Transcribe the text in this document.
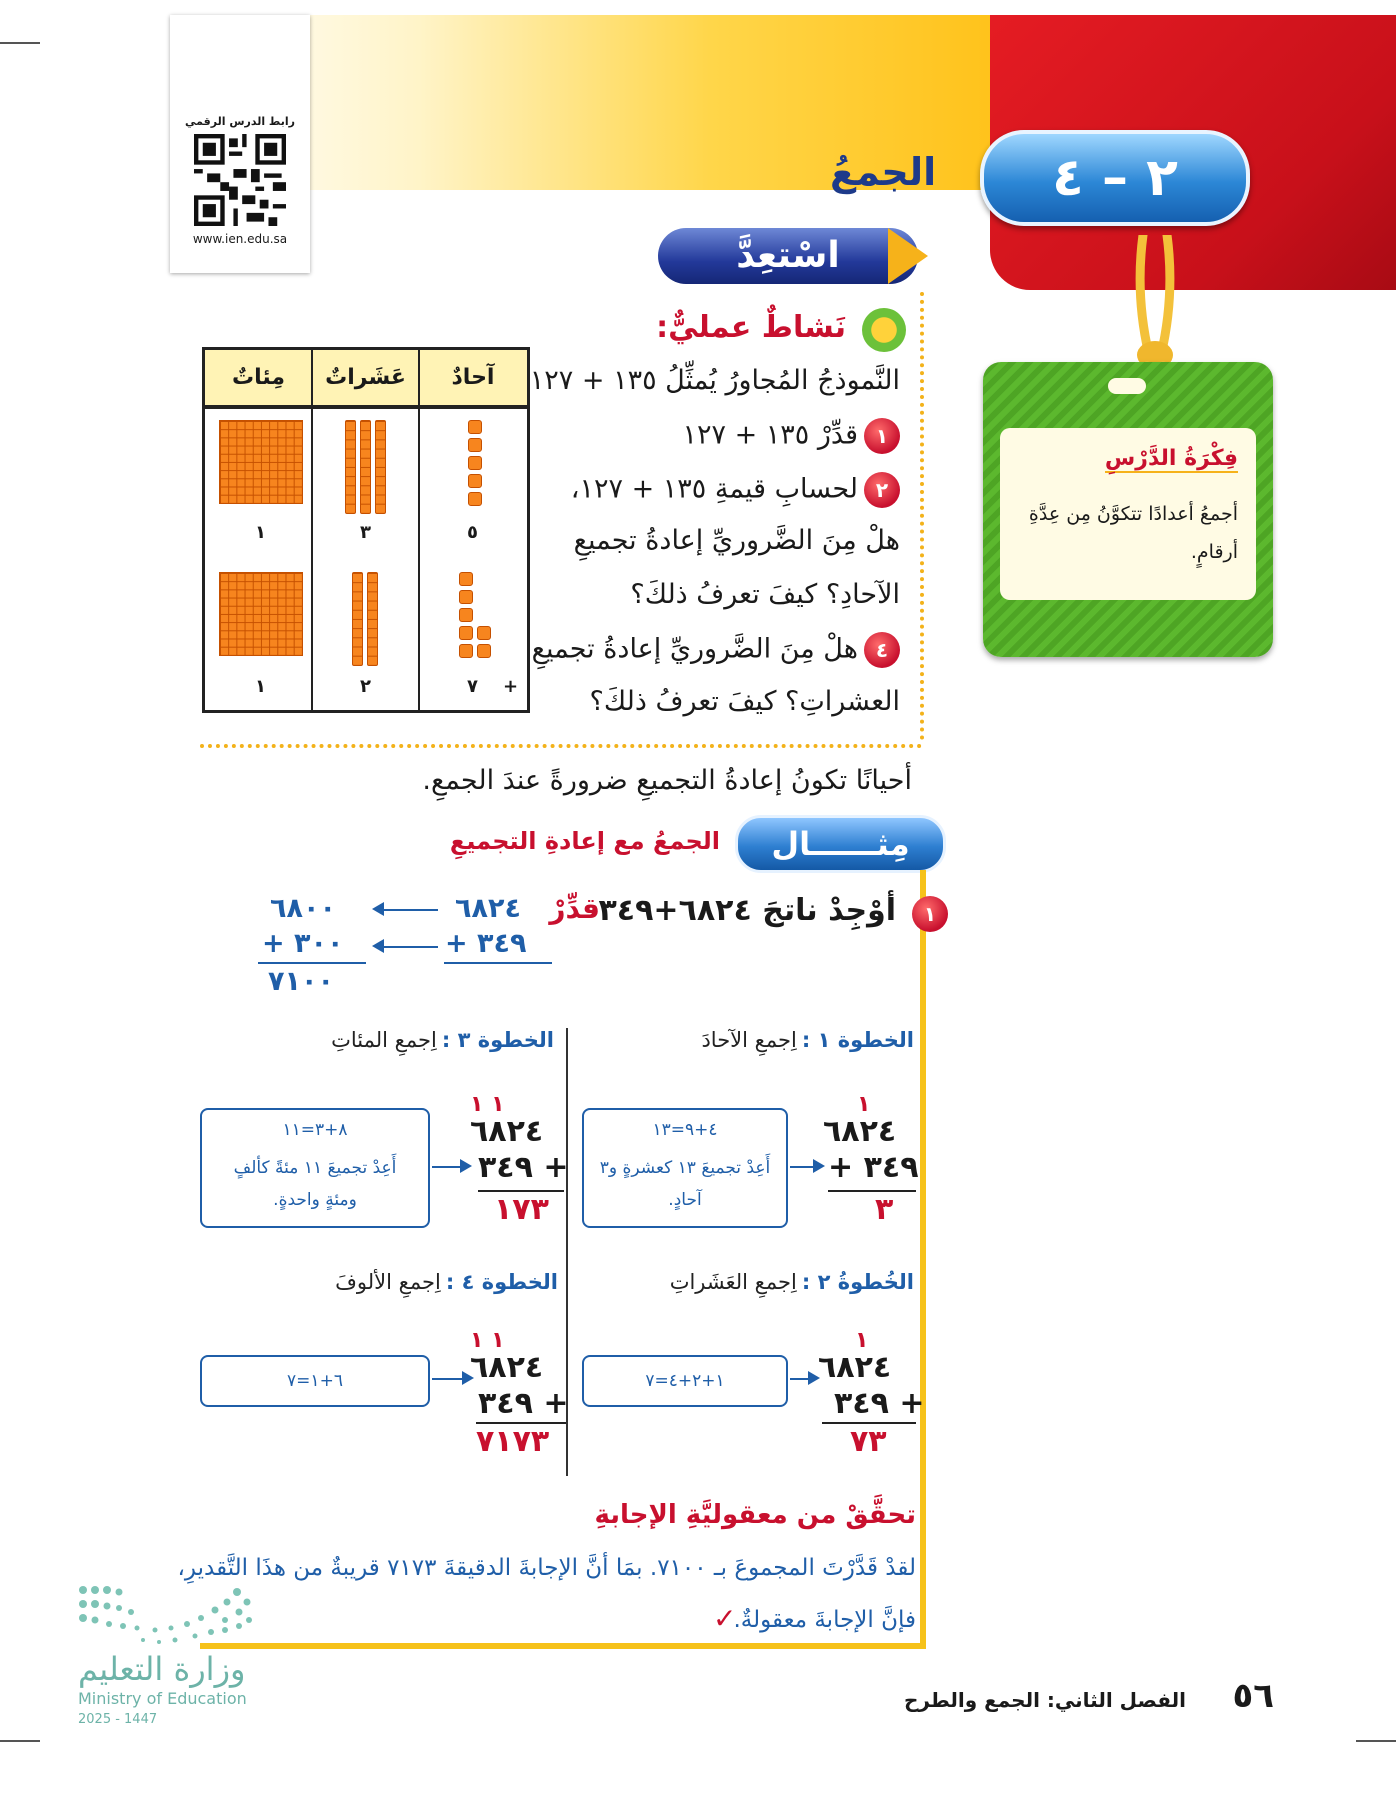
رابط الدرس الرقمي
www.ien.edu.sa
٢ – ٤
الجمعُ
اسْتعِدَّ
فِكْرَةُ الدَّرْسِ
أجمعُ أعدادًا تتكوَّنُ مِن عِدَّةِ أرقامٍ.
نَشاطٌ عمليٌّ:
النَّموذجُ المُجاورُ يُمثِّلُ ١٣٥ + ١٢٧
١قدِّرْ ١٣٥ + ١٢٧
٢لحسابِ قيمةِ ١٣٥ + ١٢٧،
هلْ مِنَ الضَّروريِّ إعادةُ تجميعِ
الآحادِ؟ كيفَ تعرفُ ذلكَ؟
٤هلْ مِنَ الضَّروريِّ إعادةُ تجميعِ
العشراتِ؟ كيفَ تعرفُ ذلكَ؟
مِئاتٌ	عَشَراتٌ	آحادٌ
١	٣	٥
١	٢	٧ +
أحيانًا تكونُ إعادةُ التجميعِ ضرورةً عندَ الجمعِ.
مِثــــــال
الجمعُ مع إعادةِ التجميعِ
١
أوْجِدْ ناتجَ ٦٨٢٤+٣٤٩
قدِّرْ
٦٨٢٤
+ ٣٤٩
٦٨٠٠
+ ٣٠٠
٧١٠٠
الخطوة ١ : اِجمعِ الآحادَ
١
٦٨٢٤
+ ٣٤٩
٣
٤+٩=١٣
أَعِدْ تجميعَ ١٣ كعشرةٍ و٣ آحادٍ.
الخطوة ٣ : اِجمعِ المئاتِ
١ ١
٦٨٢٤
٣٤٩ +
١٧٣
٨+٣=١١
أَعِدْ تجميعَ ١١ مئةً كألفٍ ومئةٍ واحدةٍ.
الخُطوةُ ٢ : اِجمعِ العَشَراتِ
١
٦٨٢٤
٣٤٩ +
٧٣
١+٢+٤=٧
الخطوة ٤ : اِجمعِ الألوفَ
١ ١
٦٨٢٤
٣٤٩ +
٧١٧٣
٦+١=٧
تحقَّقْ من معقوليَّةِ الإجابةِ
لقدْ قَدَّرْتَ المجموعَ بـ ٧١٠٠. بمَا أنَّ الإجابةَ الدقيقةَ ٧١٧٣ قريبةٌ من هذَا التَّقديرِ،
فإنَّ الإجابةَ معقولةٌ.
✓
وزارة التعليم
Ministry of Education
2025 - 1447
الفصل الثاني: الجمع والطرح ٥٦
